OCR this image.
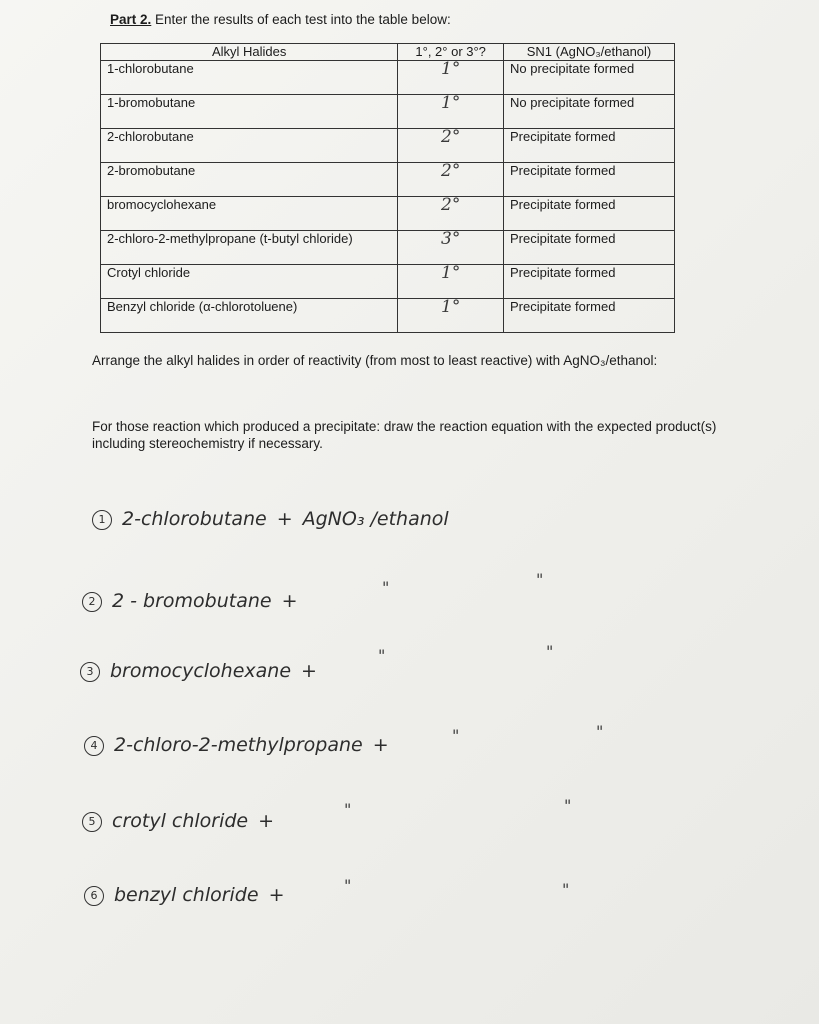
Part 2. Enter the results of each test into the table below:
Alkyl Halides	1°, 2° or 3°?	SN1 (AgNO₃/ethanol)
1-chlorobutane	1°	No precipitate formed
1-bromobutane	1°	No precipitate formed
2-chlorobutane	2°	Precipitate formed
2-bromobutane	2°	Precipitate formed
bromocyclohexane	2°	Precipitate formed
2-chloro-2-methylpropane (t-butyl chloride)	3°	Precipitate formed
Crotyl chloride	1°	Precipitate formed
Benzyl chloride (α-chlorotoluene)	1°	Precipitate formed
Arrange the alkyl halides in order of reactivity (from most to least reactive) with AgNO₃/ethanol:
For those reaction which produced a precipitate: draw the reaction equation with the expected product(s) including stereochemistry if necessary.
1 2-chlorobutane + AgNO₃ /ethanol
2 2 - bromobutane +
"	"
3 bromocyclohexane +
"	"
4 2-chloro-2-methylpropane +	"	"
5 crotyl chloride +
"	"
6 benzyl chloride +	"	"
